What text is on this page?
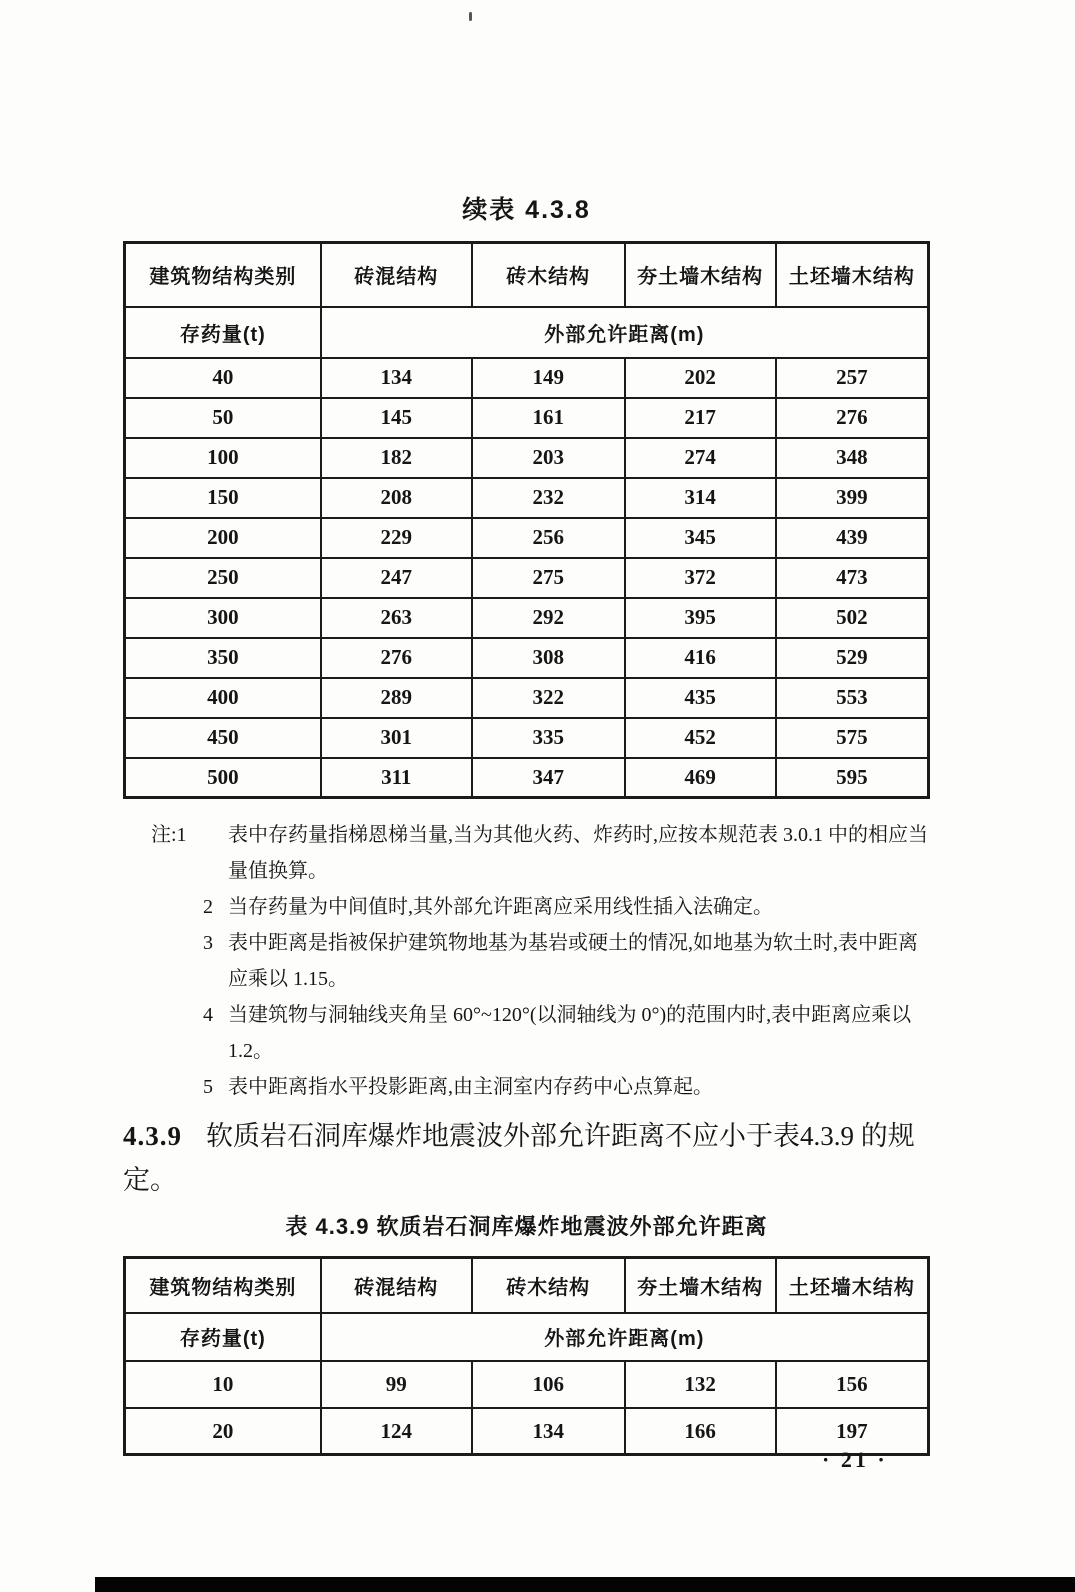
续表 4.3.8
建筑物结构类别	砖混结构	砖木结构	夯土墙木结构	土坯墙木结构
存药量(t)	外部允许距离(m)			
40	134	149	202	257
50	145	161	217	276
100	182	203	274	348
150	208	232	314	399
200	229	256	345	439
250	247	275	372	473
300	263	292	395	502
350	276	308	416	529
400	289	322	435	553
450	301	335	452	575
500	311	347	469	595
注:1	表中存药量指梯恩梯当量,当为其他火药、炸药时,应按本规范表 3.0.1 中的相应当量值换算。
2 当存药量为中间值时,其外部允许距离应采用线性插入法确定。
3 表中距离是指被保护建筑物地基为基岩或硬土的情况,如地基为软土时,表中距离应乘以 1.15。
4 当建筑物与洞轴线夹角呈 60°~120°(以洞轴线为 0°)的范围内时,表中距离应乘以 1.2。
5 表中距离指水平投影距离,由主洞室内存药中心点算起。

4.3.9 软质岩石洞库爆炸地震波外部允许距离不应小于表4.3.9 的规定。

表 4.3.9 软质岩石洞库爆炸地震波外部允许距离
建筑物结构类别	砖混结构	砖木结构	夯土墙木结构	土坯墙木结构
存药量(t)	外部允许距离(m)			
10	99	106	132	156
20	124	134	166	197
· 21 ·
